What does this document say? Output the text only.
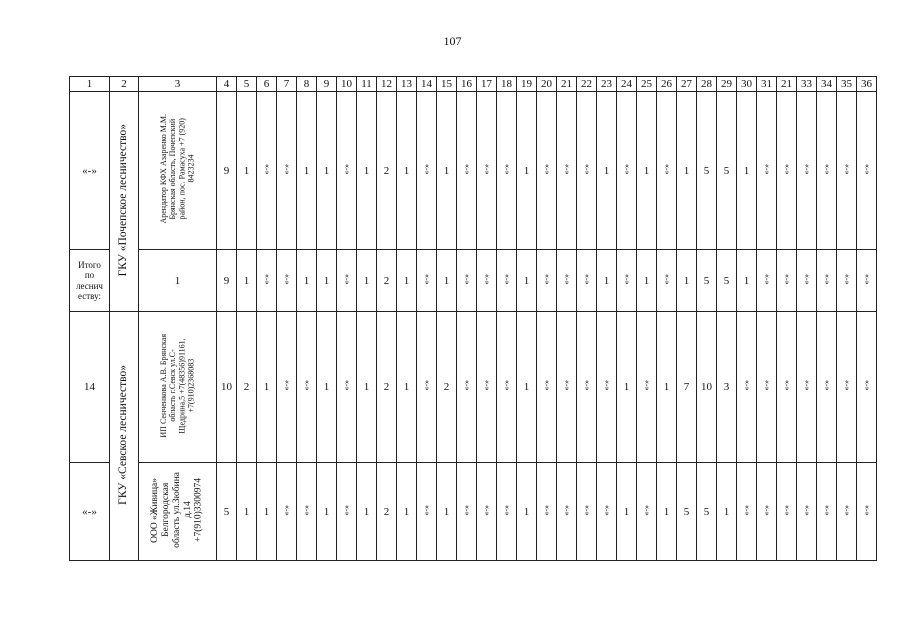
107
1	2	3	4	5	6	7	8	9	10	11	12	13	14	15	16	17	18	19	20	21	22	23	24	25	26	27	28	29	30	31	21	33	34	35	36
«-»	ГКУ «Почепское лесничество»	Арендатор КФХ Азаренко М.М.
Брянская область, Почепский
район, пос. Рамасуха +7 (920)
8423234	9	1	«-»	«-»	1	1	«-»	1	2	1	«-»	1	«-»	«-»	«-»	1	«-»	«-»	«-»	1	«-»	1	«-»	1	5	5	1	«-»	«-»	«-»	«-»	«-»	«-»

Итого
по
леснич
еству:		1	9	1	«-»	«-»	1	1	«-»	1	2	1	«-»	1	«-»	«-»	«-»	1	«-»	«-»	«-»	1	«-»	1	«-»	1	5	5	1	«-»	«-»	«-»	«-»	«-»	«-»
14	ГКУ «Севское лесничество»	ИП Сенченкова А.В. Брянская
область г.Севск ул.С-
Щедрина,5 +7(48356)91161,
+7(910)2368083	10	2	1	«-»	«-»	1	«-»	1	2	1	«-»	2	«-»	«-»	«-»	1	«-»	«-»	«-»	«-»	1	«-»	1	7	10	3	«-»	«-»	«-»	«-»	«-»	«-»	«-»
«-»		ООО «Живица»
Белгородская
область ул.Зюбина
д.14
+7(910)3300974	5	1	1	«-»	«-»	1	«-»	1	2	1	«-»	1	«-»	«-»	«-»	1	«-»	«-»	«-»	«-»	1	«-»	1	5	5	1	«-»	«-»	«-»	«-»	«-»	«-»	«-»
